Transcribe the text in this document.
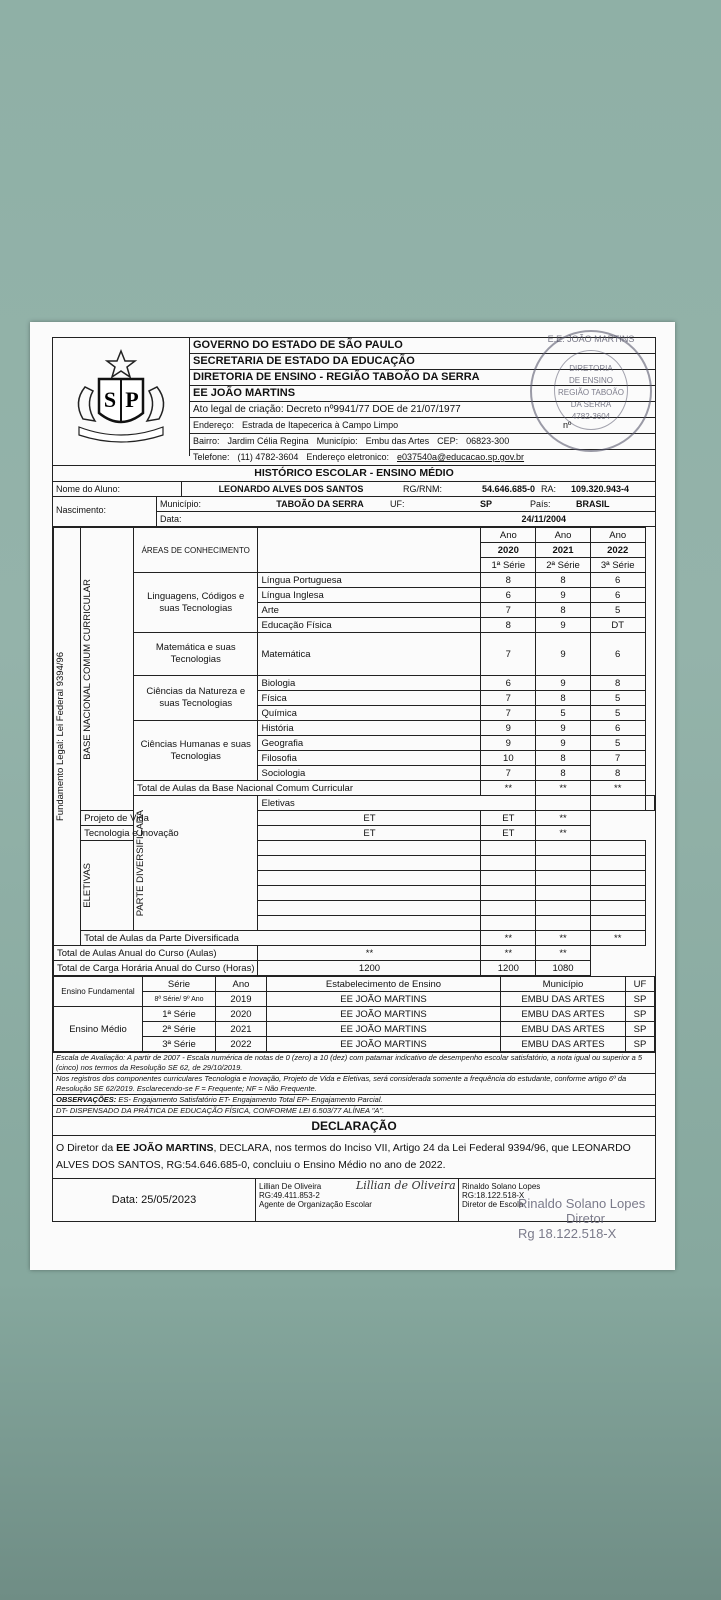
S P
GOVERNO DO ESTADO DE SÃO PAULO
SECRETARIA DE ESTADO DA EDUCAÇÃO
DIRETORIA DE ENSINO - REGIÃO TABOÃO DA SERRA
EE JOÃO MARTINS
Ato legal de criação: Decreto nº9941/77 DOE de 21/07/1977
Endereço: Estrada de Itapecerica à Campo Limpo	nº
Bairro: Jardim Célia Regina Município: Embu das Artes CEP: 06823-300
Telefone: (11) 4782-3604 Endereço eletronico: e037540a@educacao.sp.gov.br
HISTÓRICO ESCOLAR - ENSINO MÉDIO
Nome do Aluno:	LEONARDO ALVES DOS SANTOS	RG/RNM:	54.646.685-0 RA:	109.320.943-4
Nascimento:
Município:	TABOÃO DA SERRA	UF:	SP	País:	BRASIL
Data:	24/11/2004
Fundamento Legal: Lei Federal 9394/96	BASE NACIONAL COMUM CURRICULAR	ÁREAS DE CONHECIMENTO		Ano	Ano	Ano	
				2020	2021	2022	
				1ª Série	2ª Série	3ª Série	
		Linguagens, Códigos e suas Tecnologias	Língua Portuguesa	8	8	6	
			Língua Inglesa	6	9	6	
			Arte	7	8	5	
			Educação Física	8	9	DT	
		Matemática e suas Tecnologias	Matemática	7	9	6	
		Ciências da Natureza e suas Tecnologias	Biologia	6	9	8	
			Física	7	8	5	
			Química	7	5	5	
		Ciências Humanas e suas Tecnologias	História	9	9	6	
			Geografia	9	9	5	
			Filosofia	10	8	7	
			Sociologia	7	8	8	
		Total de Aulas da Base Nacional Comum Curricular		**	**	**	

		PARTE DIVERSIFICADA	Eletivas				
	Projeto de Vida		ET	ET	**		
	Tecnologia e Inovação		ET	ET	**		

	ELETIVAS						

	Total de Aulas da Parte Diversificada			**	**	**	
Total de Aulas Anual do Curso (Aulas)			**	**	**		
Total de Carga Horária Anual do Curso (Horas)			1200	1200	1080		
Ensino Fundamental	Série	Ano	Estabelecimento de Ensino	Município	UF
	8ª Série/ 9º Ano	2019	EE JOÃO MARTINS	EMBU DAS ARTES	SP
Ensino Médio	1ª Série	2020	EE JOÃO MARTINS	EMBU DAS ARTES	SP
	2ª Série	2021	EE JOÃO MARTINS	EMBU DAS ARTES	SP
	3ª Série	2022	EE JOÃO MARTINS	EMBU DAS ARTES	SP
Escala de Avaliação: A partir de 2007 - Escala numérica de notas de 0 (zero) a 10 (dez) com patamar indicativo de desempenho escolar satisfatório, a nota igual ou superior a 5 (cinco) nos termos da Resolução SE 62, de 29/10/2019.
Nos registros dos componentes curriculares Tecnologia e Inovação, Projeto de Vida e Eletivas, será considerada somente a frequência do estudante, conforme artigo 6º da Resolução SE 62/2019. Esclarecendo-se F = Frequente; NF = Não Frequente.
OBSERVAÇÕES: ES- Engajamento Satisfatório ET- Engajamento Total EP- Engajamento Parcial.
DT- DISPENSADO DA PRÁTICA DE EDUCAÇÃO FÍSICA, CONFORME LEI 6.503/77 ALÍNEA "A".
DECLARAÇÃO
O Diretor da EE JOÃO MARTINS, DECLARA, nos termos do Inciso VII, Artigo 24 da Lei Federal 9394/96, que LEONARDO ALVES DOS SANTOS, RG:54.646.685-0, concluiu o Ensino Médio no ano de 2022.
Data: 25/05/2023
Lillian De Oliveira
RG:49.411.853-2
Agente de Organização Escolar
Lillian de Oliveira Rinaldo Solano Lopes
RG:18.122.518-X
Diretor de Escola
E.E. JOÃO MARTINS
DIRETORIA
DE ENSINO
REGIÃO TABOÃO
DA SERRA
4782-3604
Rinaldo Solano Lopes
Diretor
Rg 18.122.518-X
